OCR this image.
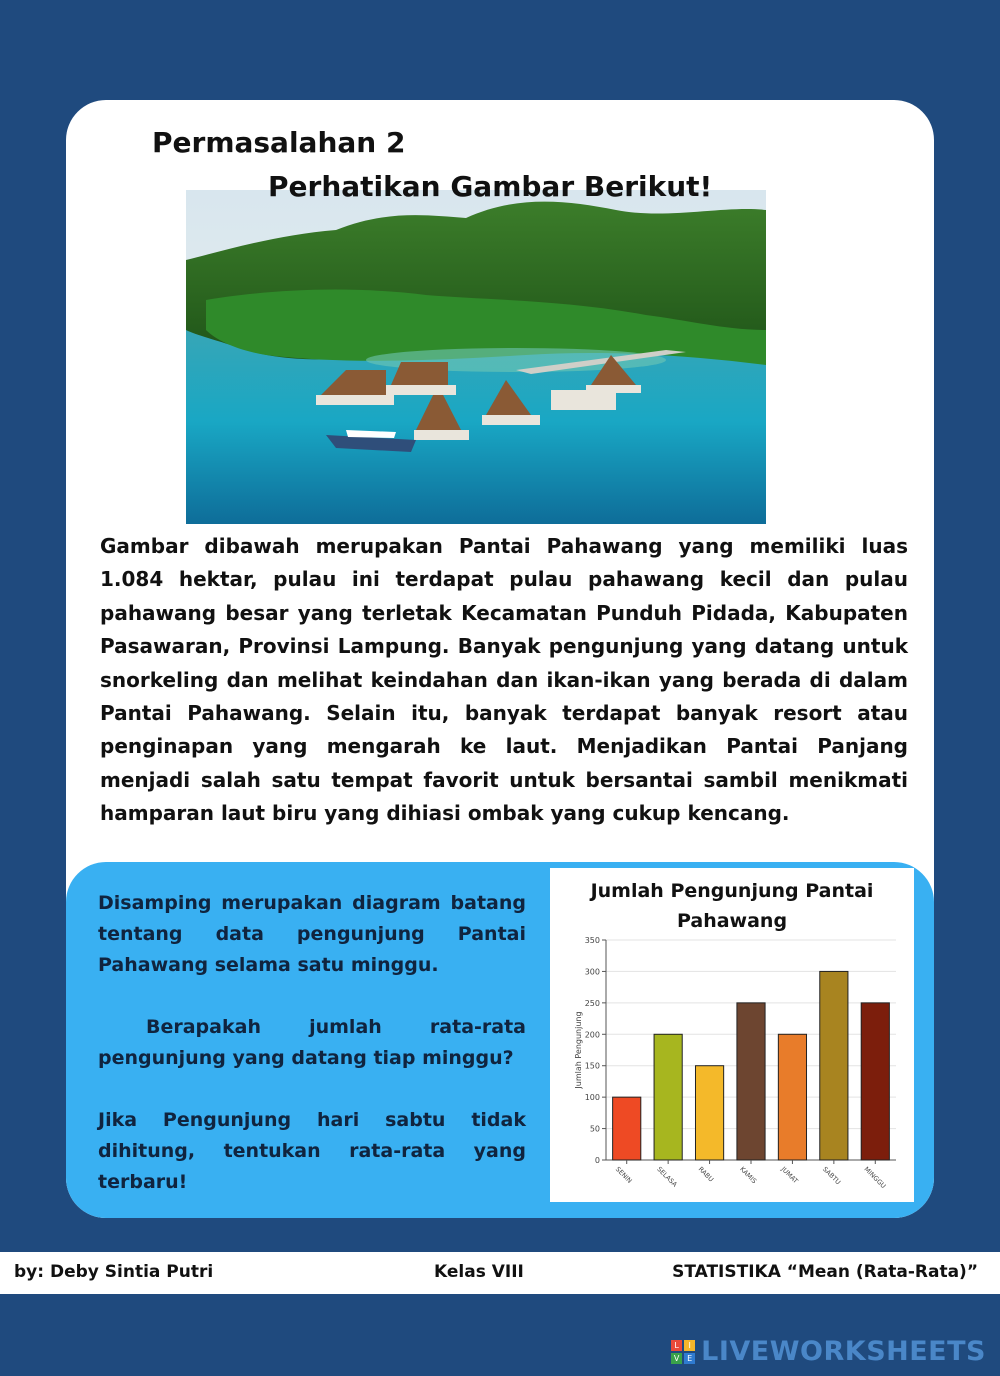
Permasalahan 2
Perhatikan Gambar Berikut!

Gambar dibawah merupakan Pantai Pahawang yang memiliki luas 1.084 hektar, pulau ini terdapat pulau pahawang kecil dan pulau pahawang besar yang terletak Kecamatan Punduh Pidada, Kabupaten Pasawaran, Provinsi Lampung. Banyak pengunjung yang datang untuk snorkeling dan melihat keindahan dan ikan-ikan yang berada di dalam Pantai Pahawang. Selain itu, banyak terdapat banyak resort atau penginapan yang mengarah ke laut. Menjadikan Pantai Panjang menjadi salah satu tempat favorit untuk bersantai sambil menikmati hamparan laut biru yang dihiasi ombak yang cukup kencang.

Disamping merupakan diagram batang tentang data pengunjung Pantai Pahawang selama satu minggu.

Berapakah jumlah rata-rata pengunjung yang datang tiap minggu?

Jika Pengunjung hari sabtu tidak dihitung, tentukan rata-rata yang terbaru!

Jumlah Pengunjung Pantai Pahawang

0
50
100
150
200
250
300
350
Jumlah Pengunjung
SENIN	SELASA	RABU	KAMIS	JUMAT	SABTU	MINGGU
by: Deby Sintia Putri	Kelas VIII	STATISTIKA “Mean (Rata-Rata)”
L	I
V E LIVEWORKSHEETS
